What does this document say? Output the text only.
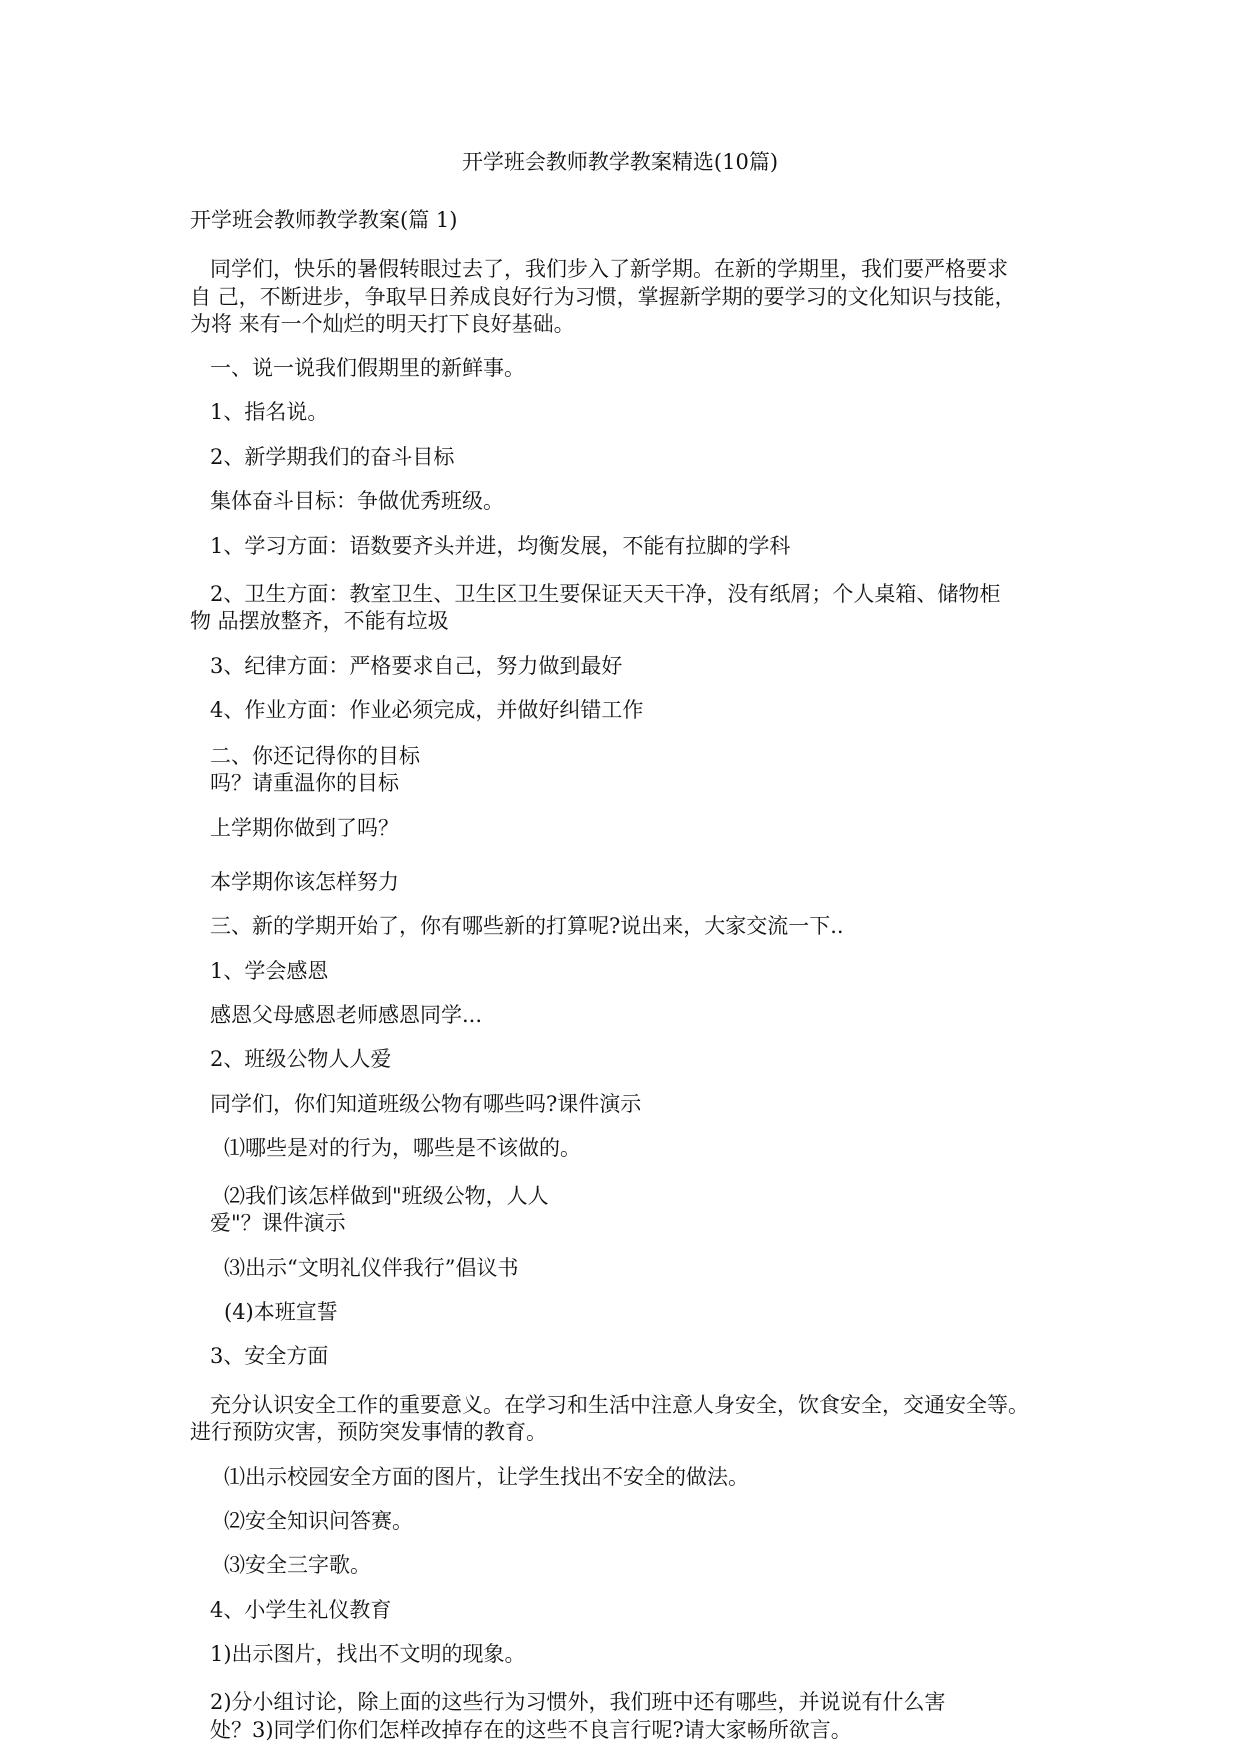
开学班会教师教学教案精选(10篇)
开学班会教师教学教案(篇 1)
同学们，快乐的暑假转眼过去了，我们步入了新学期。在新的学期里，我们要严格要求
自 己，不断进步，争取早日养成良好行为习惯，掌握新学期的要学习的文化知识与技能，
为将 来有一个灿烂的明天打下良好基础。
一、说一说我们假期里的新鲜事。
1、指名说。
2、新学期我们的奋斗目标
集体奋斗目标：争做优秀班级。
1、学习方面：语数要齐头并进，均衡发展，不能有拉脚的学科
2、卫生方面：教室卫生、卫生区卫生要保证天天干净，没有纸屑；个人桌箱、储物柜
物 品摆放整齐，不能有垃圾
3、纪律方面：严格要求自己，努力做到最好
4、作业方面：作业必须完成，并做好纠错工作
二、你还记得你的目标
吗？请重温你的目标
上学期你做到了吗？
本学期你该怎样努力
三、新的学期开始了，你有哪些新的打算呢?说出来，大家交流一下..
1、学会感恩
感恩父母感恩老师感恩同学...
2、班级公物人人爱
同学们，你们知道班级公物有哪些吗?课件演示
⑴哪些是对的行为，哪些是不该做的。
⑵我们该怎样做到"班级公物，人人
爱"？课件演示
⑶出示“文明礼仪伴我行”倡议书
(4)本班宣誓
3、安全方面
充分认识安全工作的重要意义。在学习和生活中注意人身安全，饮食安全，交通安全等。
进行预防灾害，预防突发事情的教育。
⑴出示校园安全方面的图片，让学生找出不安全的做法。
⑵安全知识问答赛。
⑶安全三字歌。
4、小学生礼仪教育
1)出示图片，找出不文明的现象。
2)分小组讨论，除上面的这些行为习惯外，我们班中还有哪些，并说说有什么害
处？3)同学们你们怎样改掉存在的这些不良言行呢?请大家畅所欲言。
